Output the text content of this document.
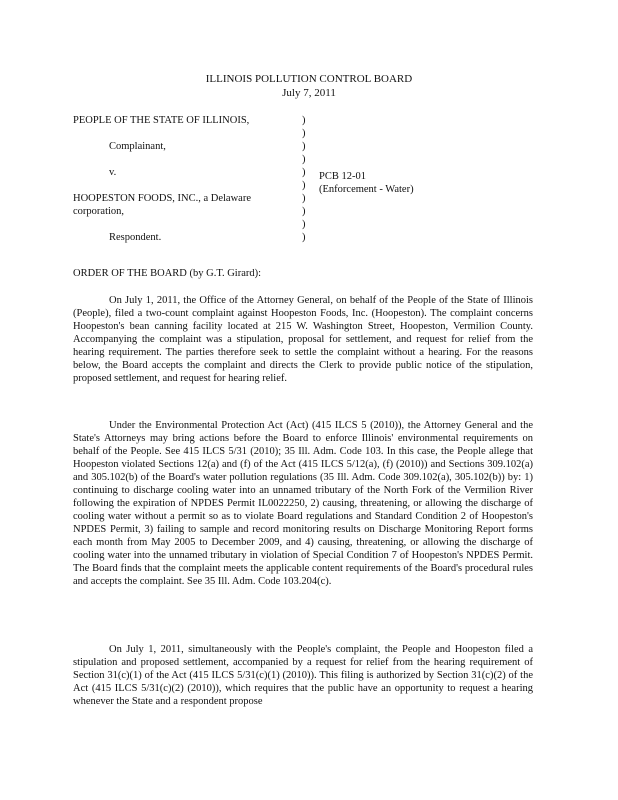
ILLINOIS POLLUTION CONTROL BOARD
July 7, 2011
PEOPLE OF THE STATE OF ILLINOIS,
Complainant,
v.
HOOPESTON FOODS, INC., a Delaware
corporation,
Respondent.
)
)
)
)
)
)
)
)
)
)
PCB 12-01
(Enforcement - Water)
ORDER OF THE BOARD (by G.T. Girard):

On July 1, 2011, the Office of the Attorney General, on behalf of the People of the State of Illinois (People), filed a two-count complaint against Hoopeston Foods, Inc. (Hoopeston). The complaint concerns Hoopeston's bean canning facility located at 215 W. Washington Street, Hoopeston, Vermilion County. Accompanying the complaint was a stipulation, proposal for settlement, and request for relief from the hearing requirement. The parties therefore seek to settle the complaint without a hearing. For the reasons below, the Board accepts the complaint and directs the Clerk to provide public notice of the stipulation, proposed settlement, and request for hearing relief.

Under the Environmental Protection Act (Act) (415 ILCS 5 (2010)), the Attorney General and the State's Attorneys may bring actions before the Board to enforce Illinois' environmental requirements on behalf of the People. See 415 ILCS 5/31 (2010); 35 Ill. Adm. Code 103. In this case, the People allege that Hoopeston violated Sections 12(a) and (f) of the Act (415 ILCS 5/12(a), (f) (2010)) and Sections 309.102(a) and 305.102(b) of the Board's water pollution regulations (35 Ill. Adm. Code 309.102(a), 305.102(b)) by: 1) continuing to discharge cooling water into an unnamed tributary of the North Fork of the Vermilion River following the expiration of NPDES Permit IL0022250, 2) causing, threatening, or allowing the discharge of cooling water without a permit so as to violate Board regulations and Standard Condition 2 of Hoopeston's NPDES Permit, 3) failing to sample and record monitoring results on Discharge Monitoring Report forms each month from May 2005 to December 2009, and 4) causing, threatening, or allowing the discharge of cooling water into the unnamed tributary in violation of Special Condition 7 of Hoopeston's NPDES Permit. The Board finds that the complaint meets the applicable content requirements of the Board's procedural rules and accepts the complaint. See 35 Ill. Adm. Code 103.204(c).

On July 1, 2011, simultaneously with the People's complaint, the People and Hoopeston filed a stipulation and proposed settlement, accompanied by a request for relief from the hearing requirement of Section 31(c)(1) of the Act (415 ILCS 5/31(c)(1) (2010)). This filing is authorized by Section 31(c)(2) of the Act (415 ILCS 5/31(c)(2) (2010)), which requires that the public have an opportunity to request a hearing whenever the State and a respondent propose
